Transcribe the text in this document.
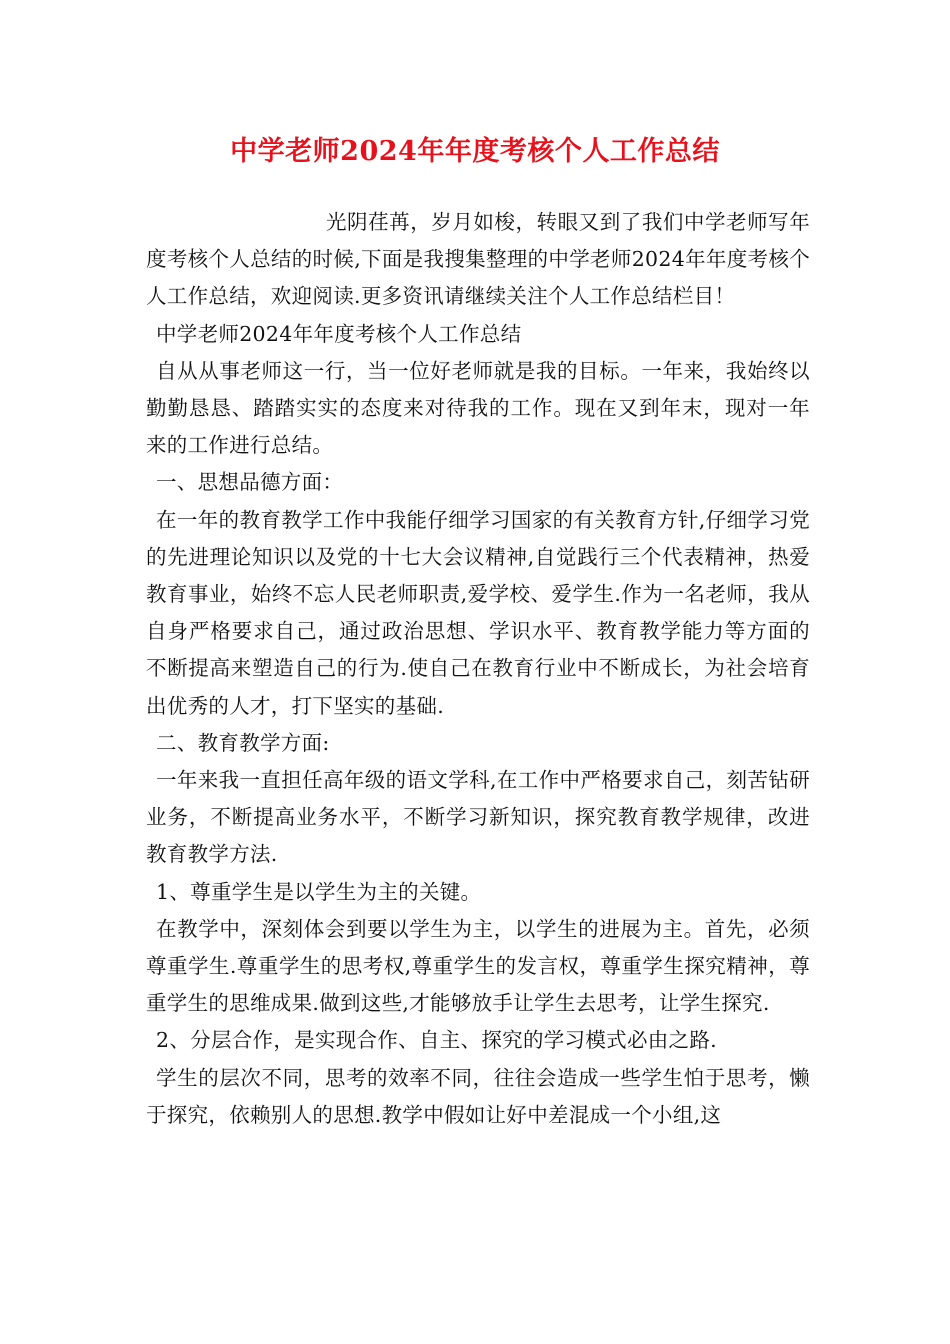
中学老师2024年年度考核个人工作总结

光阴荏苒，岁月如梭，转眼又到了我们中学老师写年度考核个人总结的时候,下面是我搜集整理的中学老师2024年年度考核个人工作总结，欢迎阅读.更多资讯请继续关注个人工作总结栏目！

中学老师2024年年度考核个人工作总结

自从从事老师这一行，当一位好老师就是我的目标。一年来，我始终以勤勤恳恳、踏踏实实的态度来对待我的工作。现在又到年末，现对一年来的工作进行总结。

一、思想品德方面：

在一年的教育教学工作中我能仔细学习国家的有关教育方针,仔细学习党的先进理论知识以及党的十七大会议精神,自觉践行三个代表精神，热爱教育事业，始终不忘人民老师职责,爱学校、爱学生.作为一名老师，我从自身严格要求自己，通过政治思想、学识水平、教育教学能力等方面的不断提高来塑造自己的行为.使自己在教育行业中不断成长，为社会培育出优秀的人才，打下坚实的基础.

二、教育教学方面:

一年来我一直担任高年级的语文学科,在工作中严格要求自己，刻苦钻研业务，不断提高业务水平，不断学习新知识，探究教育教学规律，改进教育教学方法.

1、尊重学生是以学生为主的关键。

在教学中，深刻体会到要以学生为主，以学生的进展为主。首先，必须尊重学生.尊重学生的思考权,尊重学生的发言权，尊重学生探究精神，尊重学生的思维成果.做到这些,才能够放手让学生去思考，让学生探究.

2、分层合作，是实现合作、自主、探究的学习模式必由之路.

学生的层次不同，思考的效率不同，往往会造成一些学生怕于思考，懒于探究，依赖别人的思想.教学中假如让好中差混成一个小组,这
